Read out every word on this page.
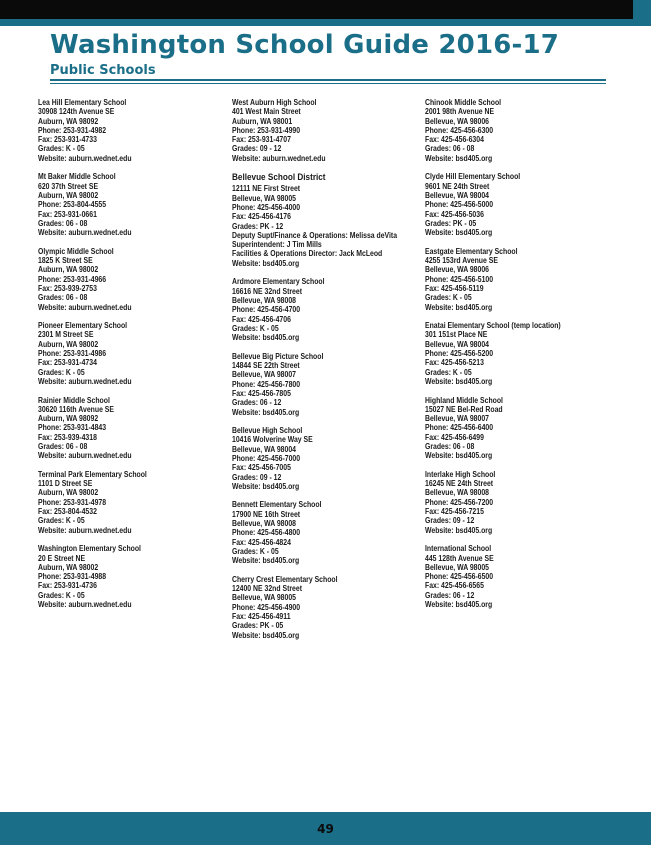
Washington School Guide 2016-17
Public Schools
Lea Hill Elementary School
30908 124th Avenue SE
Auburn, WA 98092
Phone: 253-931-4982
Fax: 253-931-4733
Grades: K - 05
Website: auburn.wednet.edu
Mt Baker Middle School
620 37th Street SE
Auburn, WA 98002
Phone: 253-804-4555
Fax: 253-931-0661
Grades: 06 - 08
Website: auburn.wednet.edu
Olympic Middle School
1825 K Street SE
Auburn, WA 98002
Phone: 253-931-4966
Fax: 253-939-2753
Grades: 06 - 08
Website: auburn.wednet.edu
Pioneer Elementary School
2301 M Street SE
Auburn, WA 98002
Phone: 253-931-4986
Fax: 253-931-4734
Grades: K - 05
Website: auburn.wednet.edu
Rainier Middle School
30620 116th Avenue SE
Auburn, WA 98092
Phone: 253-931-4843
Fax: 253-939-4318
Grades: 06 - 08
Website: auburn.wednet.edu
Terminal Park Elementary School
1101 D Street SE
Auburn, WA 98002
Phone: 253-931-4978
Fax: 253-804-4532
Grades: K - 05
Website: auburn.wednet.edu
Washington Elementary School
20 E Street NE
Auburn, WA 98002
Phone: 253-931-4988
Fax: 253-931-4736
Grades: K - 05
Website: auburn.wednet.edu
West Auburn High School
401 West Main Street
Auburn, WA 98001
Phone: 253-931-4990
Fax: 253-931-4707
Grades: 09 - 12
Website: auburn.wednet.edu
Bellevue School District
12111 NE First Street
Bellevue, WA 98005
Phone: 425-456-4000
Fax: 425-456-4176
Grades: PK - 12
Deputy Supt/Finance & Operations: Melissa deVita
Superintendent: J Tim Mills
Facilities & Operations Director: Jack McLeod
Website: bsd405.org
Ardmore Elementary School
16616 NE 32nd Street
Bellevue, WA 98008
Phone: 425-456-4700
Fax: 425-456-4706
Grades: K - 05
Website: bsd405.org
Bellevue Big Picture School
14844 SE 22th Street
Bellevue, WA 98007
Phone: 425-456-7800
Fax: 425-456-7805
Grades: 06 - 12
Website: bsd405.org
Bellevue High School
10416 Wolverine Way SE
Bellevue, WA 98004
Phone: 425-456-7000
Fax: 425-456-7005
Grades: 09 - 12
Website: bsd405.org
Bennett Elementary School
17900 NE 16th Street
Bellevue, WA 98008
Phone: 425-456-4800
Fax: 425-456-4824
Grades: K - 05
Website: bsd405.org
Cherry Crest Elementary School
12400 NE 32nd Street
Bellevue, WA 98005
Phone: 425-456-4900
Fax: 425-456-4911
Grades: PK - 05
Website: bsd405.org
Chinook Middle School
2001 98th Avenue NE
Bellevue, WA 98006
Phone: 425-456-6300
Fax: 425-456-6304
Grades: 06 - 08
Website: bsd405.org
Clyde Hill Elementary School
9601 NE 24th Street
Bellevue, WA 98004
Phone: 425-456-5000
Fax: 425-456-5036
Grades: PK - 05
Website: bsd405.org
Eastgate Elementary School
4255 153rd Avenue SE
Bellevue, WA 98006
Phone: 425-456-5100
Fax: 425-456-5119
Grades: K - 05
Website: bsd405.org
Enatai Elementary School (temp location)
301 151st Place NE
Bellevue, WA 98004
Phone: 425-456-5200
Fax: 425-456-5213
Grades: K - 05
Website: bsd405.org
Highland Middle School
15027 NE Bel-Red Road
Bellevue, WA 98007
Phone: 425-456-6400
Fax: 425-456-6499
Grades: 06 - 08
Website: bsd405.org
Interlake High School
16245 NE 24th Street
Bellevue, WA 98008
Phone: 425-456-7200
Fax: 425-456-7215
Grades: 09 - 12
Website: bsd405.org
International School
445 128th Avenue SE
Bellevue, WA 98005
Phone: 425-456-6500
Fax: 425-456-6565
Grades: 06 - 12
Website: bsd405.org
49
